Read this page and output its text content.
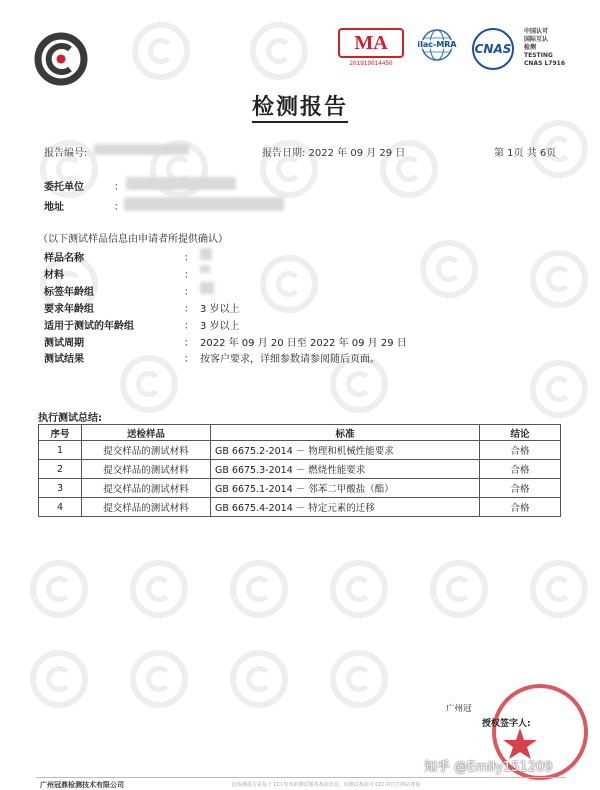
MA
201919014450
ilac-MRA	CNAS
中国认可
国际互认
检测
TESTING
CNAS L7916
检测报告
报告编号:	报告日期: 2022 年 09 月 29 日	第 1页 共 6页
委托单位	：
地址	：
（以下测试样品信息由申请者所提供确认）
样品名称	：
材料	：
标签年龄组	：
要求年龄组	： 3 岁以上
适用于测试的年龄组	： 3 岁以上
测试周期	： 2022 年 09 月 20 日至 2022 年 09 月 29 日
测试结果	： 按客户要求，详细参数请参阅随后页面。
执行测试总结:
序号	送检样品	标准	结论
1	提交样品的测试材料	GB 6675.2-2014 － 物理和机械性能要求	合格
2	提交样品的测试材料	GB 6675.3-2014 － 燃烧性能要求	合格
3	提交样品的测试材料	GB 6675.1-2014 － 邻苯二甲酸盐（酯）	合格
4	提交样品的测试材料	GB 6675.4-2014 － 特定元素的迁移	合格
广州冠
授权签字人:
知乎 @Emily151209
广州冠鼎检测技术有限公司	此检测报告是基于 CCI 发布的测试服务条款出具。该测试条款可 CCI 的官方网站查询
